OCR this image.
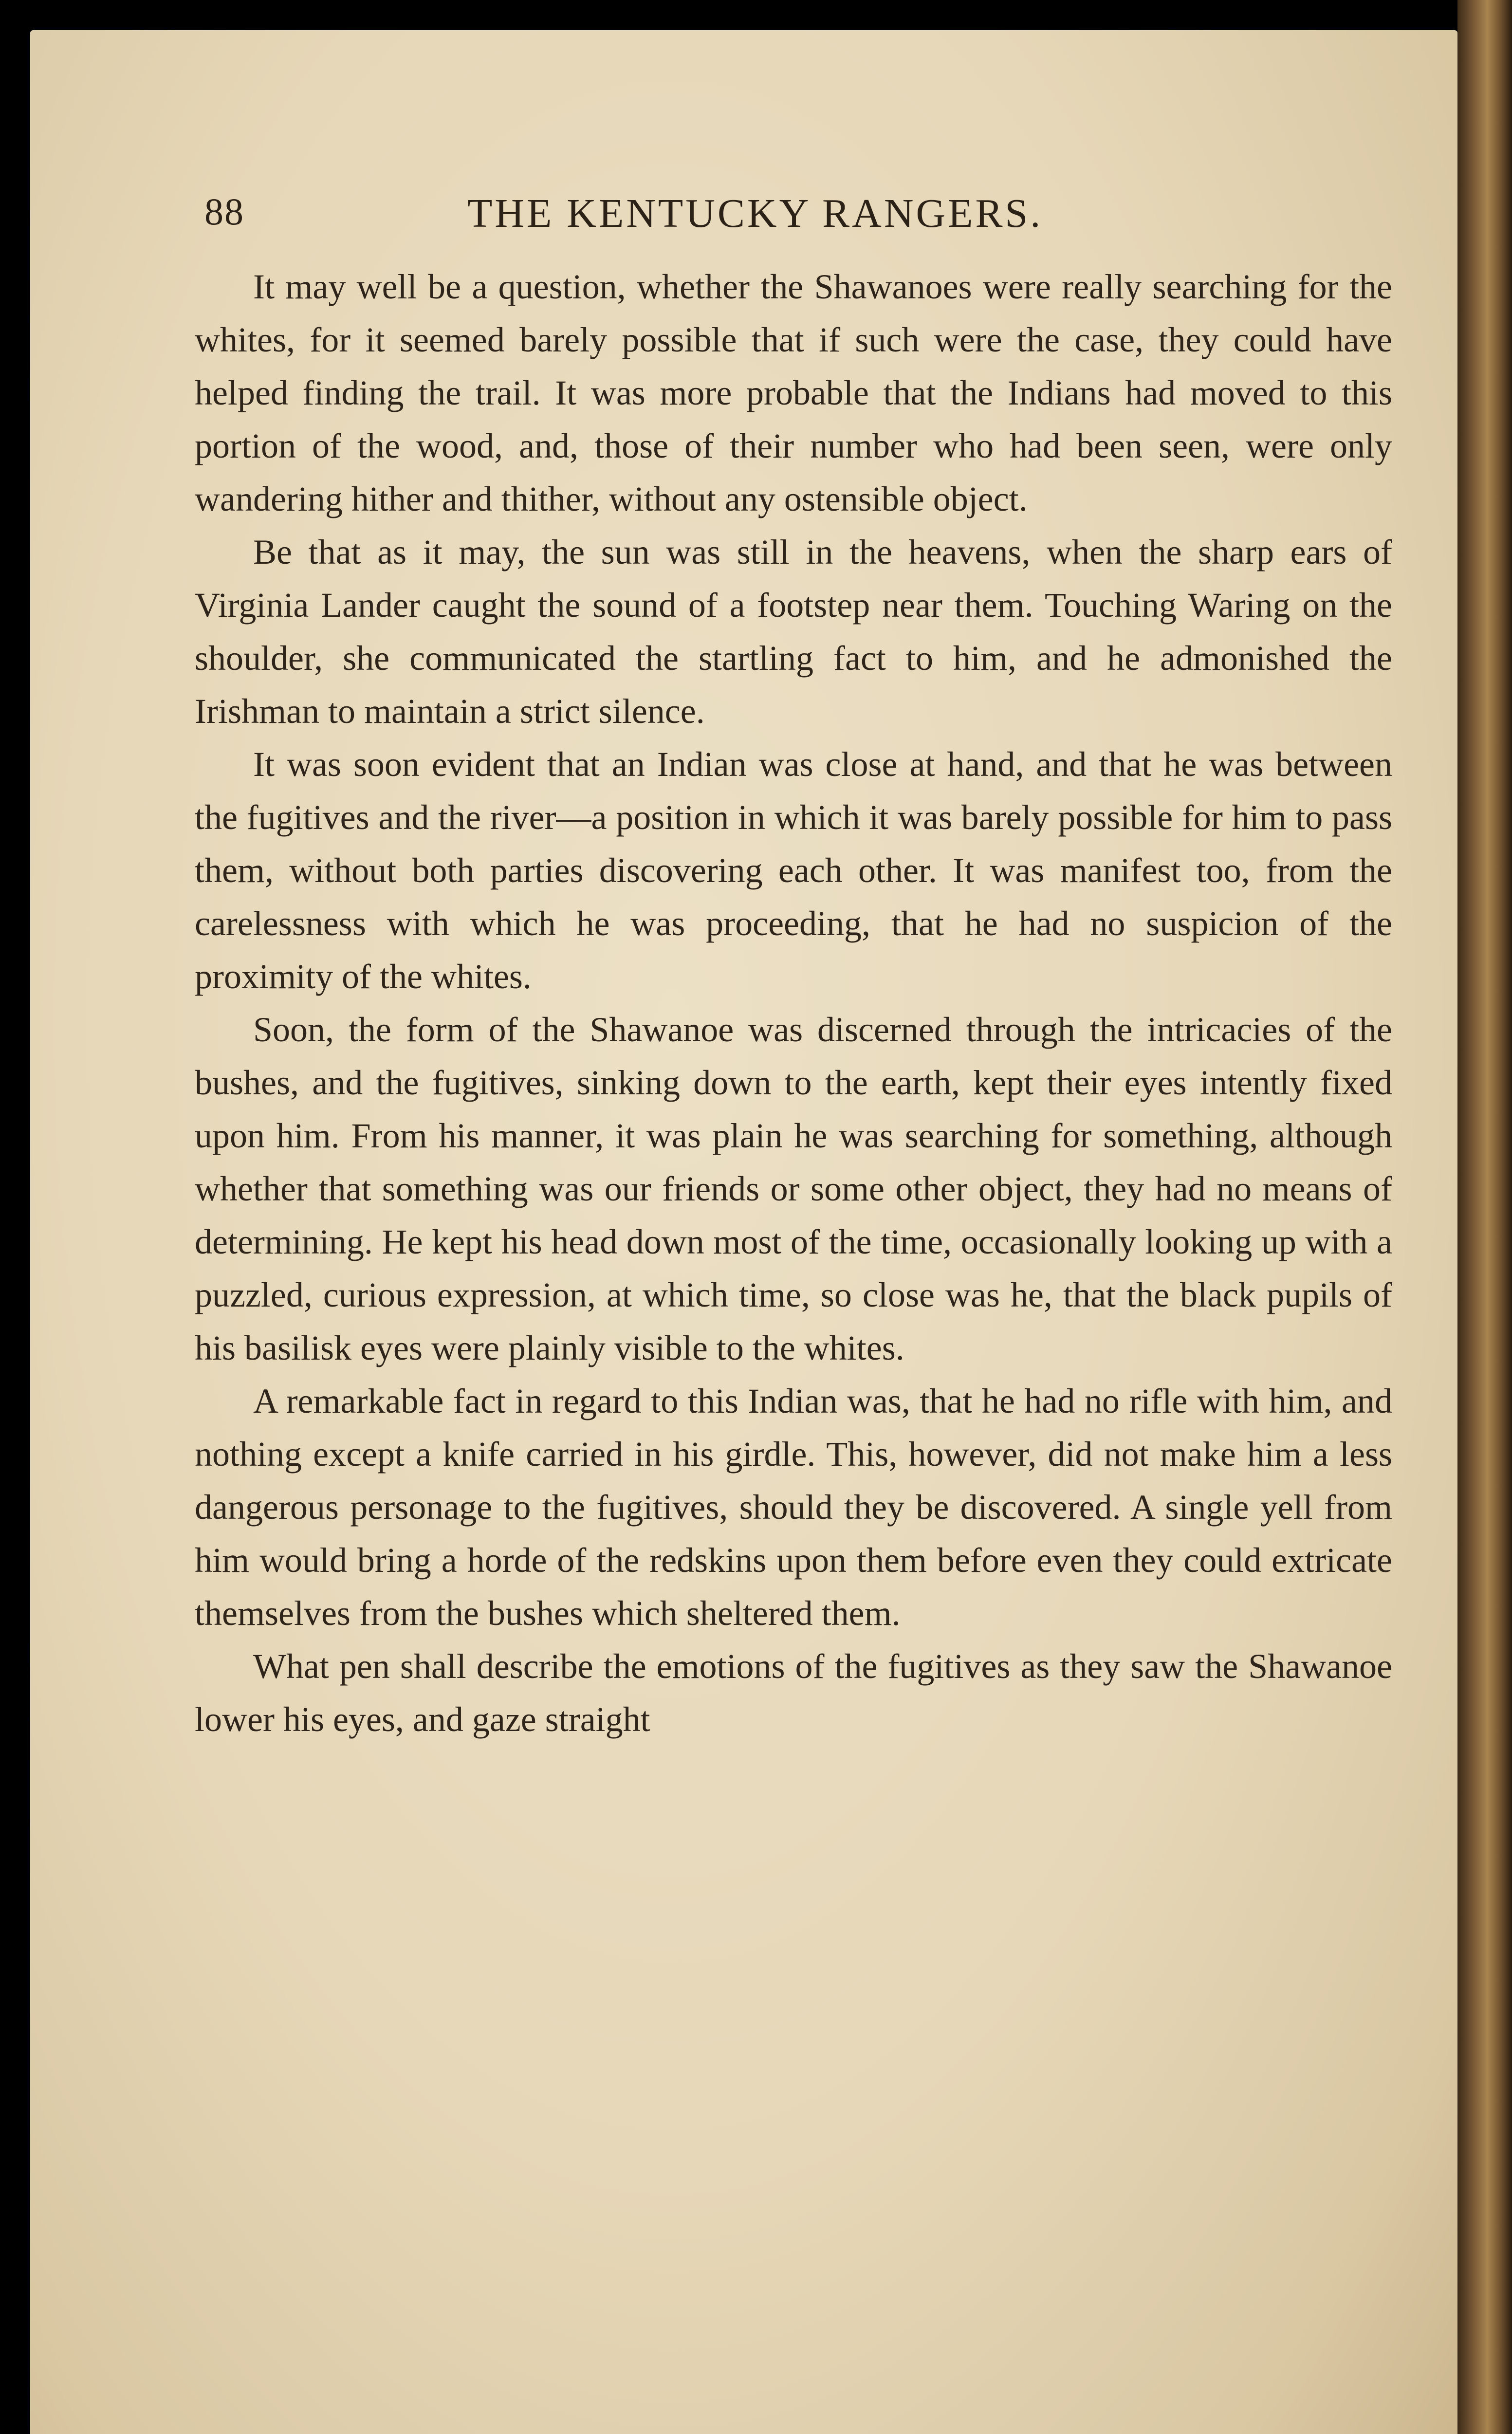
88	THE KENTUCKY RANGERS.

It may well be a question, whether the Shawanoes were really searching for the whites, for it seemed barely possible that if such were the case, they could have helped finding the trail. It was more probable that the Indians had moved to this portion of the wood, and, those of their number who had been seen, were only wandering hither and thither, without any ostensible object.

Be that as it may, the sun was still in the heavens, when the sharp ears of Virginia Lander caught the sound of a footstep near them. Touching Waring on the shoulder, she communicated the startling fact to him, and he admonished the Irishman to maintain a strict silence.

It was soon evident that an Indian was close at hand, and that he was between the fugitives and the river—a position in which it was barely possible for him to pass them, without both parties discovering each other. It was manifest too, from the carelessness with which he was proceeding, that he had no suspicion of the proximity of the whites.

Soon, the form of the Shawanoe was discerned through the intricacies of the bushes, and the fugitives, sinking down to the earth, kept their eyes intently fixed upon him. From his manner, it was plain he was searching for something, although whether that something was our friends or some other object, they had no means of determining. He kept his head down most of the time, occasionally looking up with a puzzled, curious expression, at which time, so close was he, that the black pupils of his basilisk eyes were plainly visible to the whites.

A remarkable fact in regard to this Indian was, that he had no rifle with him, and nothing except a knife carried in his girdle. This, however, did not make him a less dangerous personage to the fugitives, should they be discovered. A single yell from him would bring a horde of the redskins upon them before even they could extricate themselves from the bushes which sheltered them.

What pen shall describe the emotions of the fugitives as they saw the Shawanoe lower his eyes, and gaze straight
